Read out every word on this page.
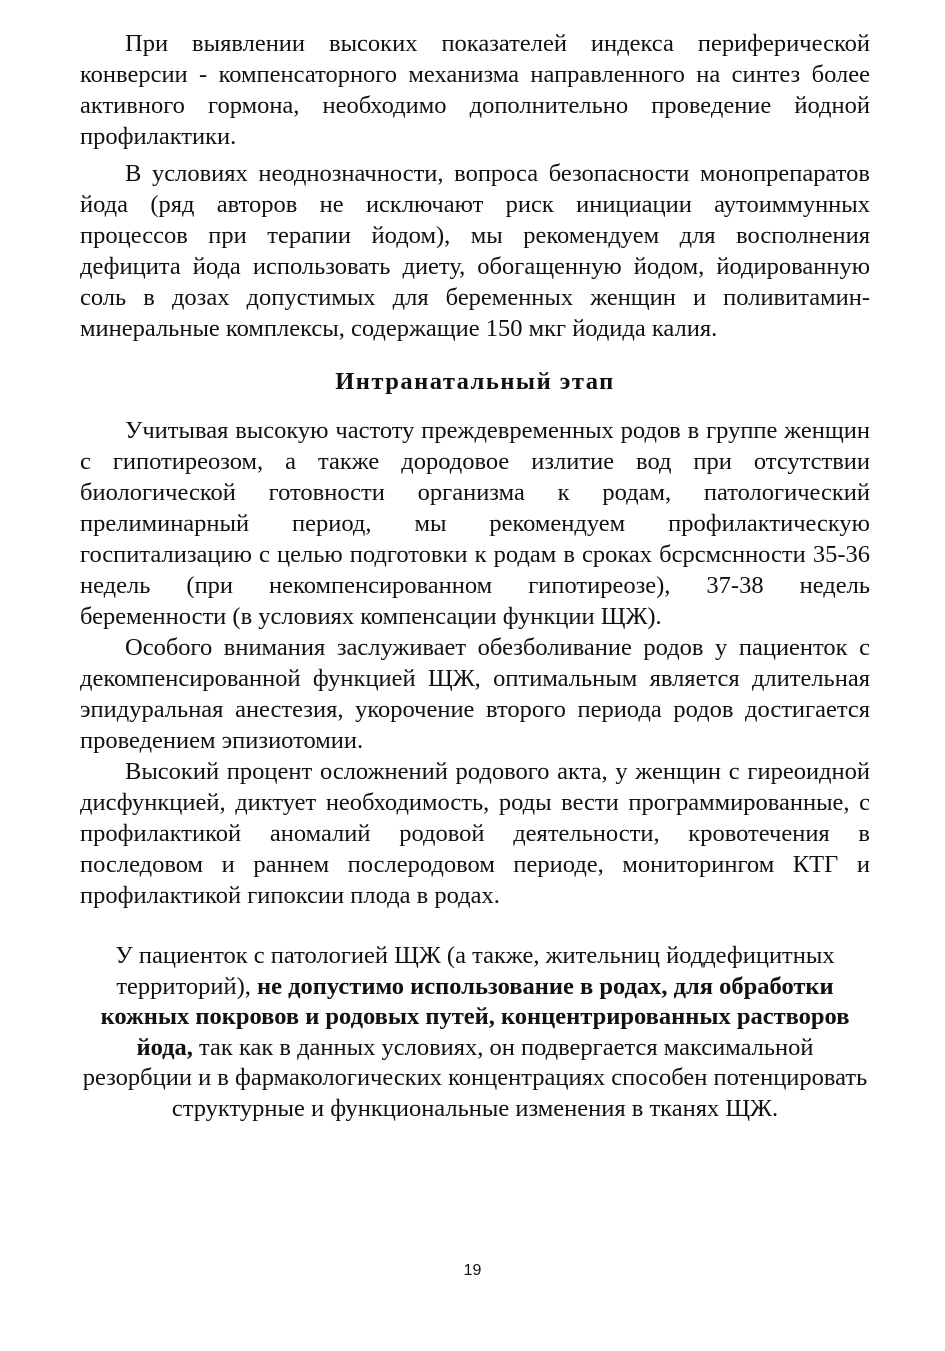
При выявлении высоких показателей индекса периферической конверсии - компенсаторного механизма направленного на синтез более активного гормона, необходимо дополнительно проведение йодной профилактики.

В условиях неоднозначности, вопроса безопасности монопрепаратов йода (ряд авторов не исключают риск инициации аутоиммунных процессов при терапии йодом), мы рекомендуем для восполнения дефицита йода использовать диету, обогащенную йодом, йодированную соль в дозах допустимых для беременных женщин и поливитамин-минеральные комплексы, содержащие 150 мкг йодида калия.

Интранатальный этап

Учитывая высокую частоту преждевременных родов в группе женщин с гипотиреозом, а также дородовое излитие вод при отсутствии биологической готовности организма к родам, патологический прелиминарный период, мы рекомендуем профилактическую госпитализацию с целью подготовки к родам в сроках бсрсмснности 35-36 недель (при некомпенсированном гипотиреозе), 37-38 недель беременности (в условиях компенсации функции ЩЖ).

Особого внимания заслуживает обезболивание родов у пациенток с декомпенсированной функцией ЩЖ, оптимальным является длительная эпидуральная анестезия, укорочение второго периода родов достигается проведением эпизиотомии.

Высокий процент осложнений родового акта, у женщин с гиреоидной дисфункцией, диктует необходимость, роды вести программированные, с профилактикой аномалий родовой деятельности, кровотечения в последовом и раннем послеродовом периоде, мониторингом КТГ и профилактикой гипоксии плода в родах.

У пациенток с патологией ЩЖ (а также, жительниц йоддефицитных территорий), не допустимо использование в родах, для обработки кожных покровов и родовых путей, концентрированных растворов йода, так как в данных условиях, он подвергается максимальной резорбции и в фармакологических концентрациях способен потенцировать структурные и функциональные изменения в тканях ЩЖ.
19
